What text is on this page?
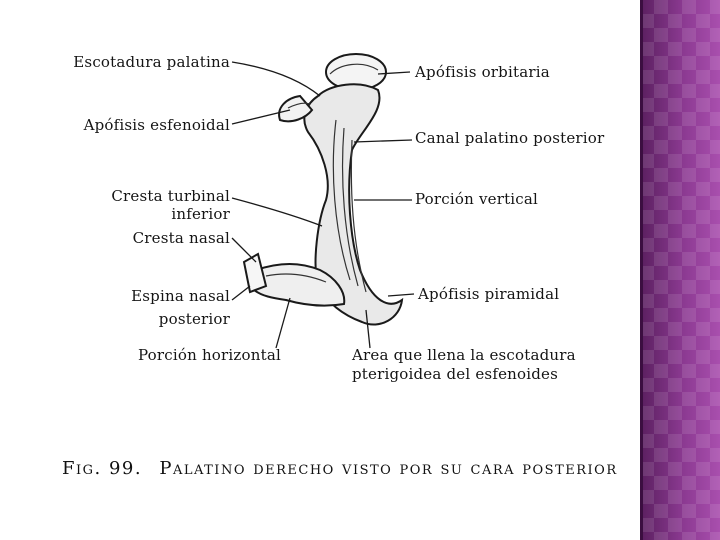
Escotadura palatina
Apófisis esfenoidal
Cresta turbinal
inferior
Cresta nasal
Espina nasal
posterior
Porción horizontal
Apófisis orbitaria
Canal palatino posterior
Porción vertical
Apófisis piramidal
Area que llena la escotadura
pterigoidea del esfenoides
Fig. 99. Palatino derecho visto por su cara posterior
